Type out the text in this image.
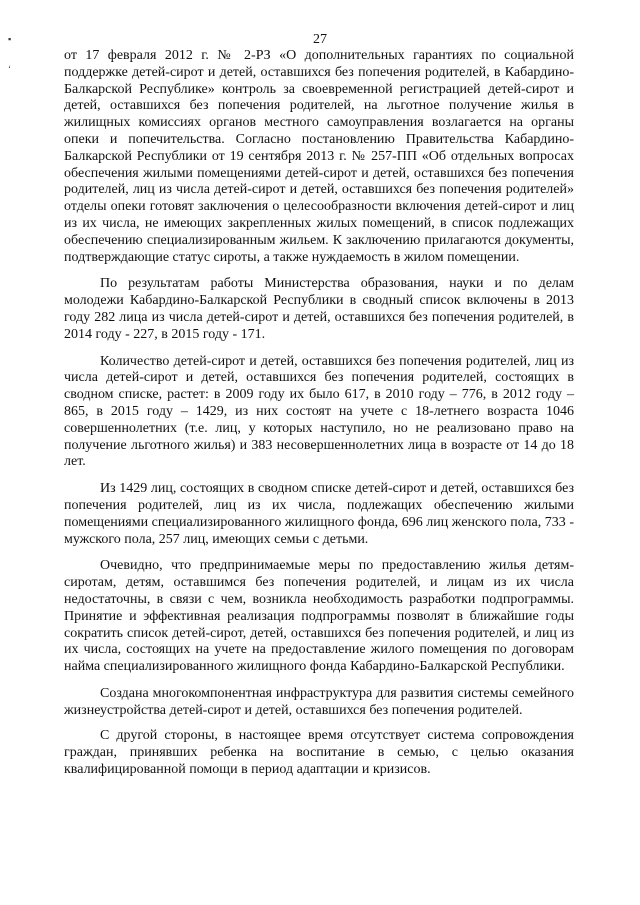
▪
ʻ
27

от 17 февраля 2012 г. № 2-РЗ «О дополнительных гарантиях по социальной поддержке детей-сирот и детей, оставшихся без попечения родителей, в Кабардино-Балкарской Республике» контроль за своевременной регистрацией детей-сирот и детей, оставшихся без попечения родителей, на льготное получение жилья в жилищных комиссиях органов местного самоуправления возлагается на органы опеки и попечительства. Согласно постановлению Правительства Кабардино-Балкарской Республики от 19 сентября 2013 г. № 257-ПП «Об отдельных вопросах обеспечения жилыми помещениями детей-сирот и детей, оставшихся без попечения родителей, лиц из числа детей-сирот и детей, оставшихся без попечения родителей» отделы опеки готовят заключения о целесообразности включения детей-сирот и лиц из их числа, не имеющих закрепленных жилых помещений, в список подлежащих обеспечению специализированным жильем. К заключению прилагаются документы, подтверждающие статус сироты, а также нуждаемость в жилом помещении.

По результатам работы Министерства образования, науки и по делам молодежи Кабардино-Балкарской Республики в сводный список включены в 2013 году 282 лица из числа детей-сирот и детей, оставшихся без попечения родителей, в 2014 году - 227, в 2015 году - 171.

Количество детей-сирот и детей, оставшихся без попечения родителей, лиц из числа детей-сирот и детей, оставшихся без попечения родителей, состоящих в сводном списке, растет: в 2009 году их было 617, в 2010 году – 776, в 2012 году – 865, в 2015 году – 1429, из них состоят на учете с 18-летнего возраста 1046 совершеннолетних (т.е. лиц, у которых наступило, но не реализовано право на получение льготного жилья) и 383 несовершеннолетних лица в возрасте от 14 до 18 лет.

Из 1429 лиц, состоящих в сводном списке детей-сирот и детей, оставшихся без попечения родителей, лиц из их числа, подлежащих обеспечению жилыми помещениями специализированного жилищного фонда, 696 лиц женского пола, 733 - мужского пола, 257 лиц, имеющих семьи с детьми.

Очевидно, что предпринимаемые меры по предоставлению жилья детям-сиротам, детям, оставшимся без попечения родителей, и лицам из их числа недостаточны, в связи с чем, возникла необходимость разработки подпрограммы. Принятие и эффективная реализация подпрограммы позволят в ближайшие годы сократить список детей-сирот, детей, оставшихся без попечения родителей, и лиц из их числа, состоящих на учете на предоставление жилого помещения по договорам найма специализированного жилищного фонда Кабардино-Балкарской Республики.

Создана многокомпонентная инфраструктура для развития системы семейного жизнеустройства детей-сирот и детей, оставшихся без попечения родителей.

С другой стороны, в настоящее время отсутствует система сопровождения граждан, принявших ребенка на воспитание в семью, с целью оказания квалифицированной помощи в период адаптации и кризисов.
